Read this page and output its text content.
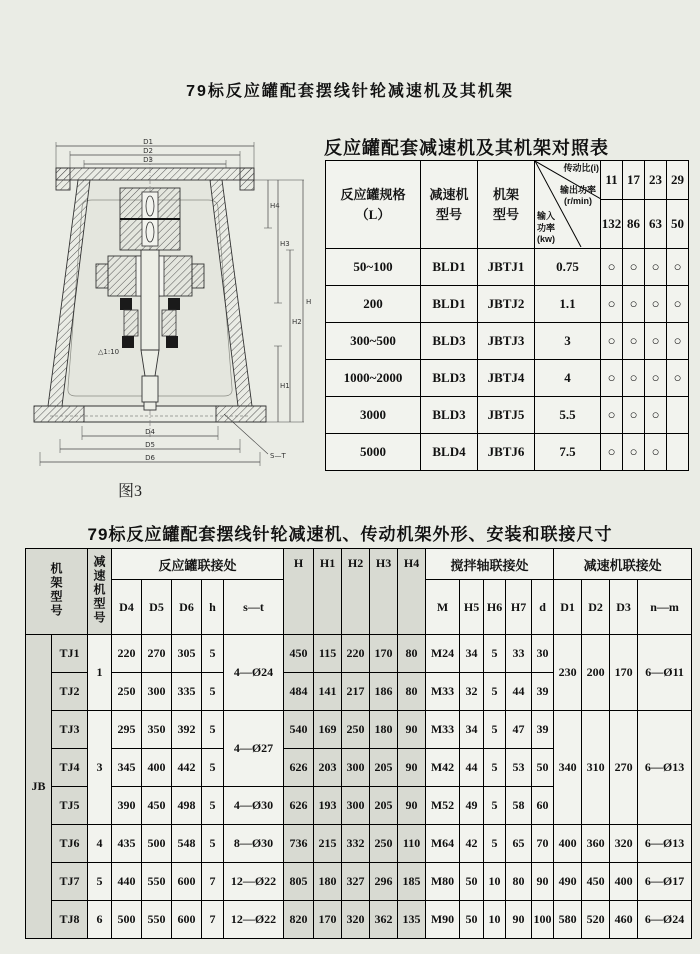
79标反应罐配套摆线针轮减速机及其机架
△1:10
D1
D2
D3
H4
H3
H1
H2
H
D4
D5
D6	S—T
图3
反应罐配套减速机及其机架对照表
反应罐规格（L）	减速机型号	机架型号	传动比(i)
输出功率(r/min)
输入功率(kw)	11	17	23	29
				132	86	63	50
50~100	BLD1	JBTJ1	0.75	○	○	○	○
200	BLD1	JBTJ2	1.1	○	○	○	○
300~500	BLD3	JBTJ3	3	○	○	○	○
1000~2000	BLD3	JBTJ4	4	○	○	○	○
3000	BLD3	JBTJ5	5.5	○	○	○	
5000	BLD4	JBTJ6	7.5	○	○	○	
79标反应罐配套摆线针轮减速机、传动机架外形、安装和联接尺寸
机架型号		减速机型号	反应罐联接处					H	H1	H2	H3	H4	搅拌轴联接处					减速机联接处			
			D4	D5	D6	h	s—t						M	H5	H6	H7	d	D1	D2	D3	n—m
JB	TJ1	1	220	270	305	5	4—Ø24	450	115	220	170	80	M24	34	5	33	30	230	200	170	6—Ø11
	TJ2		250	300	335	5		484	141	217	186	80	M33	32	5	44	39				
	TJ3	3	295	350	392	5	4—Ø27	540	169	250	180	90	M33	34	5	47	39	340	310	270	6—Ø13
	TJ4		345	400	442	5		626	203	300	205	90	M42	44	5	53	50				
	TJ5		390	450	498	5	4—Ø30	626	193	300	205	90	M52	49	5	58	60				
	TJ6	4	435	500	548	5	8—Ø30	736	215	332	250	110	M64	42	5	65	70	400	360	320	6—Ø13
	TJ7	5	440	550	600	7	12—Ø22	805	180	327	296	185	M80	50	10	80	90	490	450	400	6—Ø17
	TJ8	6	500	550	600	7	12—Ø22	820	170	320	362	135	M90	50	10	90	100	580	520	460	6—Ø24
